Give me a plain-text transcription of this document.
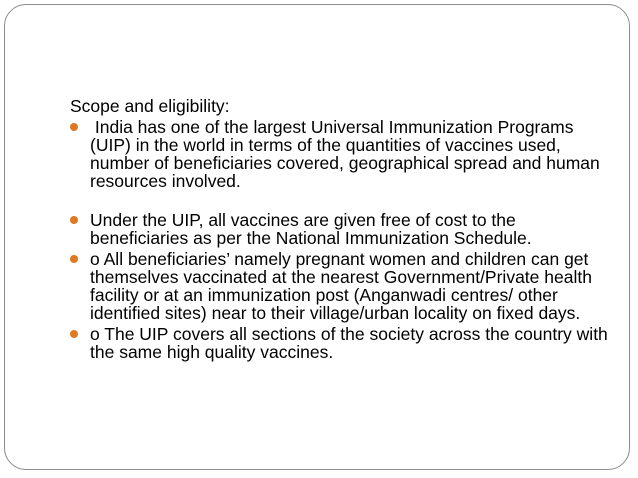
Scope and eligibility:

India has one of the largest Universal Immunization Programs (UIP) in the world in terms of the quantities of vaccines used, number of beneficiaries covered, geographical spread and human resources involved.
Under the UIP, all vaccines are given free of cost to the beneficiaries as per the National Immunization Schedule.
o All beneficiaries’ namely pregnant women and children can get themselves vaccinated at the nearest Government/Private health facility or at an immunization post (Anganwadi centres/ other identified sites) near to their village/urban locality on fixed days.
o The UIP covers all sections of the society across the country with the same high quality vaccines.
